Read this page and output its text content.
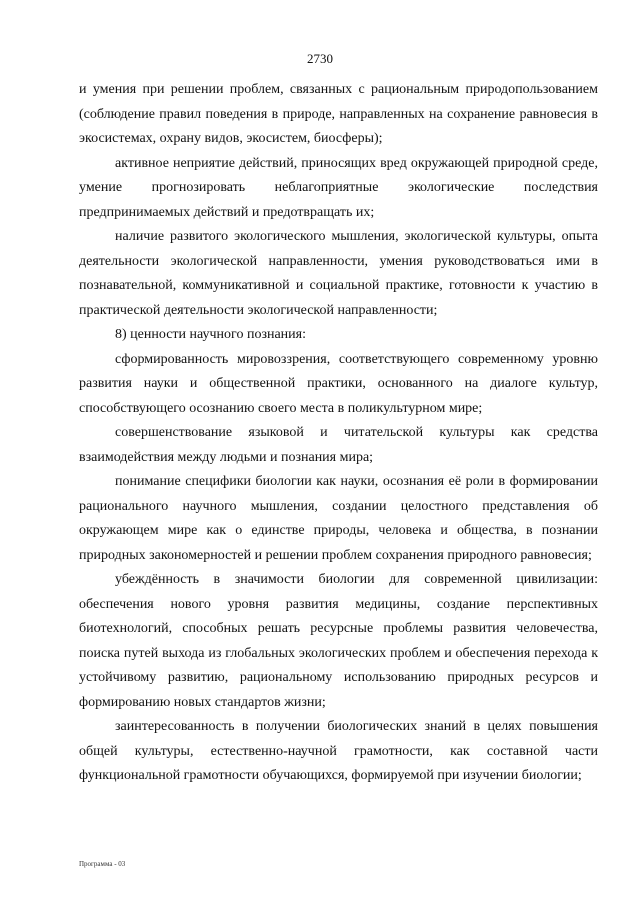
2730

и умения при решении проблем, связанных с рациональным природопользованием (соблюдение правил поведения в природе, направленных на сохранение равновесия в экосистемах, охрану видов, экосистем, биосферы);

активное неприятие действий, приносящих вред окружающей природной среде, умение прогнозировать неблагоприятные экологические последствия предпринимаемых действий и предотвращать их;

наличие развитого экологического мышления, экологической культуры, опыта деятельности экологической направленности, умения руководствоваться ими в познавательной, коммуникативной и социальной практике, готовности к участию в практической деятельности экологической направленности;

8) ценности научного познания:

сформированность мировоззрения, соответствующего современному уровню развития науки и общественной практики, основанного на диалоге культур, способствующего осознанию своего места в поликультурном мире;

совершенствование языковой и читательской культуры как средства взаимодействия между людьми и познания мира;

понимание специфики биологии как науки, осознания её роли в формировании рационального научного мышления, создании целостного представления об окружающем мире как о единстве природы, человека и общества, в познании природных закономерностей и решении проблем сохранения природного равновесия;

убеждённость в значимости биологии для современной цивилизации: обеспечения нового уровня развития медицины, создание перспективных биотехнологий, способных решать ресурсные проблемы развития человечества, поиска путей выхода из глобальных экологических проблем и обеспечения перехода к устойчивому развитию, рациональному использованию природных ресурсов и формированию новых стандартов жизни;

заинтересованность в получении биологических знаний в целях повышения общей культуры, естественно-научной грамотности, как составной части функциональной грамотности обучающихся, формируемой при изучении биологии;

Программа - 03
